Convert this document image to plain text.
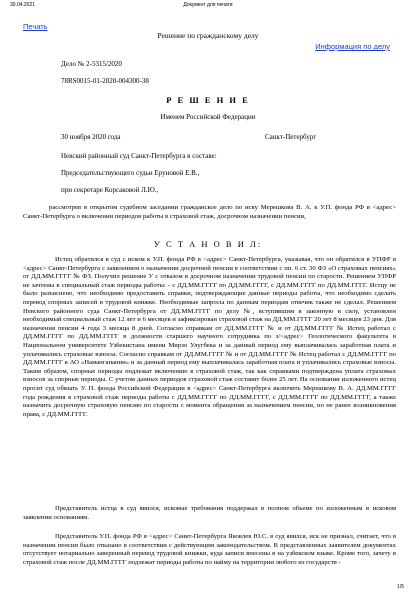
30.04.2021	Документ для печати
Печать
Решение по гражданскому делу
Информация по делу
Дело № 2-5315/2020
78RS0015-01-2020-004300-38
Р Е Ш Е Н И Е
Именем Российской Федерации
30 ноября 2020 года	Санкт-Петербург
Невский районный суд Санкт-Петербурга в составе:
Председательствующего судьи Еруновой Е.В.,
при секретаре Корсаковой Л.Ю.,

рассмотрев в открытом судебном заседании гражданское дело по иску Мерешкова В. А. к У.П. фонда РФ в <адрес> Санкт-Петербурга о включении периодов работы в страховой стаж, досрочном назначении пенсии,

У С Т А Н О В И Л:

Истец обратился в суд с иском к У.П. фонда РФ в <адрес> Санкт-Петербурга, указывая, что он обратился в УПФР в <адрес> Санкт-Петербурга с заявлением о назначении досрочной пенсии в соответствии с пп. 6 ст. 30 ФЗ «О страховых пенсиях» от ДД.ММ.ГГГГ № ФЗ. Получил решение У с отказом в досрочном назначении трудовой пенсии по старости. Решением УПФР не зачтены в специальный стаж периоды работы: - с ДД.ММ.ГГГГ по ДД.ММ.ГГГГ, с ДД.ММ.ГГГГ по ДД.ММ.ГГГГ. Истцу не было разъяснено, что необходимо предоставить справки, подтверждающие данные периоды работы, что необходимо сделать перевод спорных записей в трудовой книжке. Необходимые запросы по данным периодам отвечик также не сделал. Решением Невского районного суда Санкт-Петербурга от ДД.ММ.ГГГГ по делу №, вступившим в законную в силу, установлен необходимый специальный стаж 12 лет и 6 месяцев и зафиксирован страховой стаж на ДД.ММ.ГГГГ 20 лет 8 месяцев 23 дня. Для назначения пенсии 4 года 3 месяца 8 дней. Согласно справкам от ДД.ММ.ГГГГ № и от ДД.ММ.ГГГГ № Истец работал с ДД.ММ.ГГГГ по ДД.ММ.ГГГГ в должности старшего научного сотрудника по з/<адрес> Геологического факультета в Национальном университете Узбекистана имени Мирзо Улугбека и за данный период ему выплачивалась заработная плата и уплачивались страховые взносы. Согласно справкам от ДД.ММ.ГГГГ № и от ДД.ММ.ГГГГ № Истец работал с ДД.ММ.ГГГГ по ДД.ММ.ГГГГ в АО «Намангананин» и за данный период ему выплачивалась заработная плата и уплачивались страховые взносы. Таким образом, спорные периоды подлежат включению в страховой стаж, так как справками подтверждена уплата страховых взносов за спорные периоды. С учетом данных периодов страховой стаж составит более 25 лет. На основании изложенного истец просит суд обязать У. П. фонда Российской Федерации в <адрес> Санкт-Петербурга включить Мерешкову В. А. ДД.ММ.ГГГГ года рождения в страховой стаж периоды работы с ДД.ММ.ГГГГ по ДД.ММ.ГГГГ, с ДД.ММ.ГГГГ по ДД.ММ.ГГГГ, а также назначить досрочную страховую пенсию по старости с момента обращения за назначением пенсии, но не ранее возникновения права, с ДД.ММ.ГГГГ.

Представитель истца в суд явился, исковые требования поддержал в полном объеме по изложенным в исковом заявлении основаниям.

Представитель У.П. фонда РФ в <адрес> Санкт-Петербурга Яковлев Ю.С. в суд явился, иск не признал, считает, что в назначении пенсии было отказано в соответствии с действующим законодательством. В представленных заявителем документах отсутствует нотариально заверенный перевод трудовой книжки, куда записи внесены в на узбекском языке. Кроме того, зачету в страховой стаж после ДД.ММ.ГГГГ подлежат периоды работы по найму на территории любого из государств -

1/5
